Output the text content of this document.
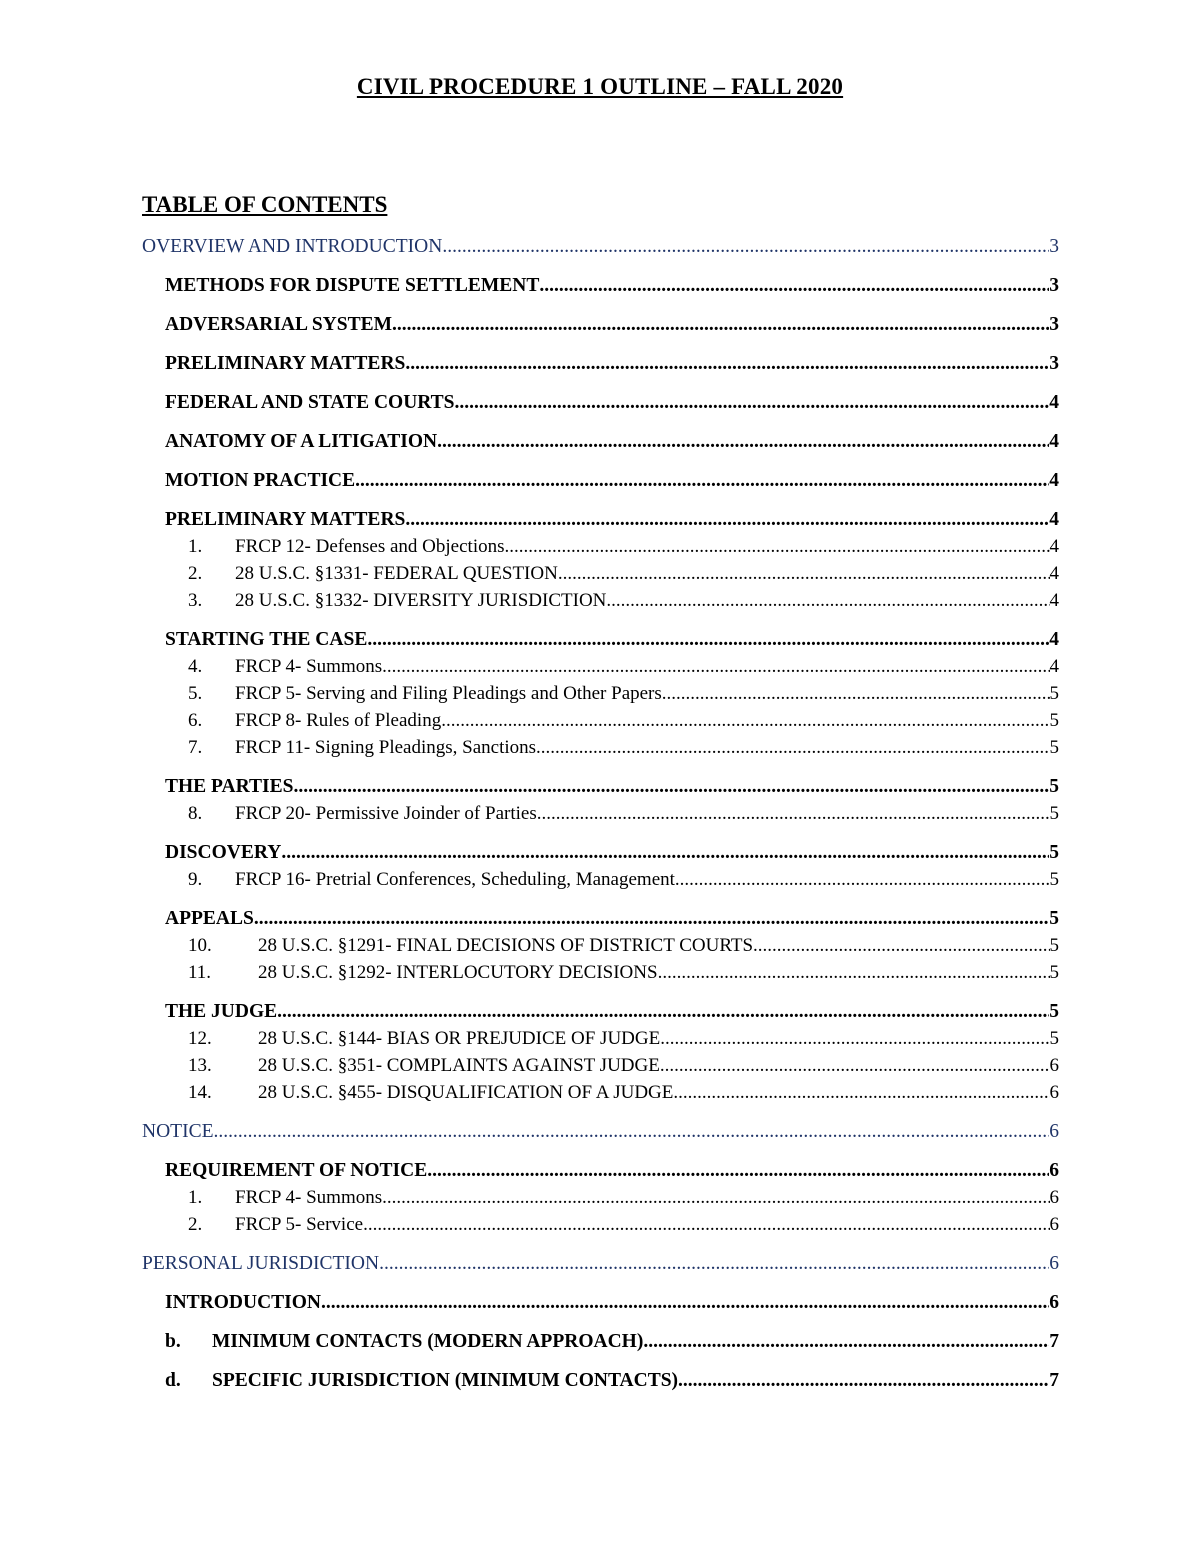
CIVIL PROCEDURE 1 OUTLINE – FALL 2020
TABLE OF CONTENTS
OVERVIEW AND INTRODUCTION .....	3
METHODS FOR DISPUTE SETTLEMENT .....	3
ADVERSARIAL SYSTEM .....	3
PRELIMINARY MATTERS .....	3
FEDERAL AND STATE COURTS .....	4
ANATOMY OF A LITIGATION .....	4
MOTION PRACTICE .....	4
PRELIMINARY MATTERS .....	4
1.	FRCP 12- Defenses and Objections .....	4
2.	28 U.S.C. §1331- FEDERAL QUESTION .....	4
3.	28 U.S.C. §1332- DIVERSITY JURISDICTION .....	4
STARTING THE CASE .....	4
4.	FRCP 4- Summons .....	4
5.	FRCP 5- Serving and Filing Pleadings and Other Papers .....	5
6.	FRCP 8- Rules of Pleading .....	5
7.	FRCP 11- Signing Pleadings, Sanctions .....	5
THE PARTIES .....	5
8.	FRCP 20- Permissive Joinder of Parties .....	5
DISCOVERY .....	5
9.	FRCP 16- Pretrial Conferences, Scheduling, Management .....	5
APPEALS .....	5
10.	28 U.S.C. §1291- FINAL DECISIONS OF DISTRICT COURTS .....	5
11.	28 U.S.C. §1292- INTERLOCUTORY DECISIONS .....	5
THE JUDGE .....	5
12.	28 U.S.C. §144- BIAS OR PREJUDICE OF JUDGE .....	5
13.	28 U.S.C. §351- COMPLAINTS AGAINST JUDGE .....	6
14.	28 U.S.C. §455- DISQUALIFICATION OF A JUDGE .....	6
NOTICE .....	6
REQUIREMENT OF NOTICE .....	6
1.	FRCP 4- Summons .....	6
2.	FRCP 5- Service .....	6
PERSONAL JURISDICTION .....	6
INTRODUCTION .....	6
b.	MINIMUM CONTACTS (MODERN APPROACH) .....	7
d.	SPECIFIC JURISDICTION (MINIMUM CONTACTS) .....	7
